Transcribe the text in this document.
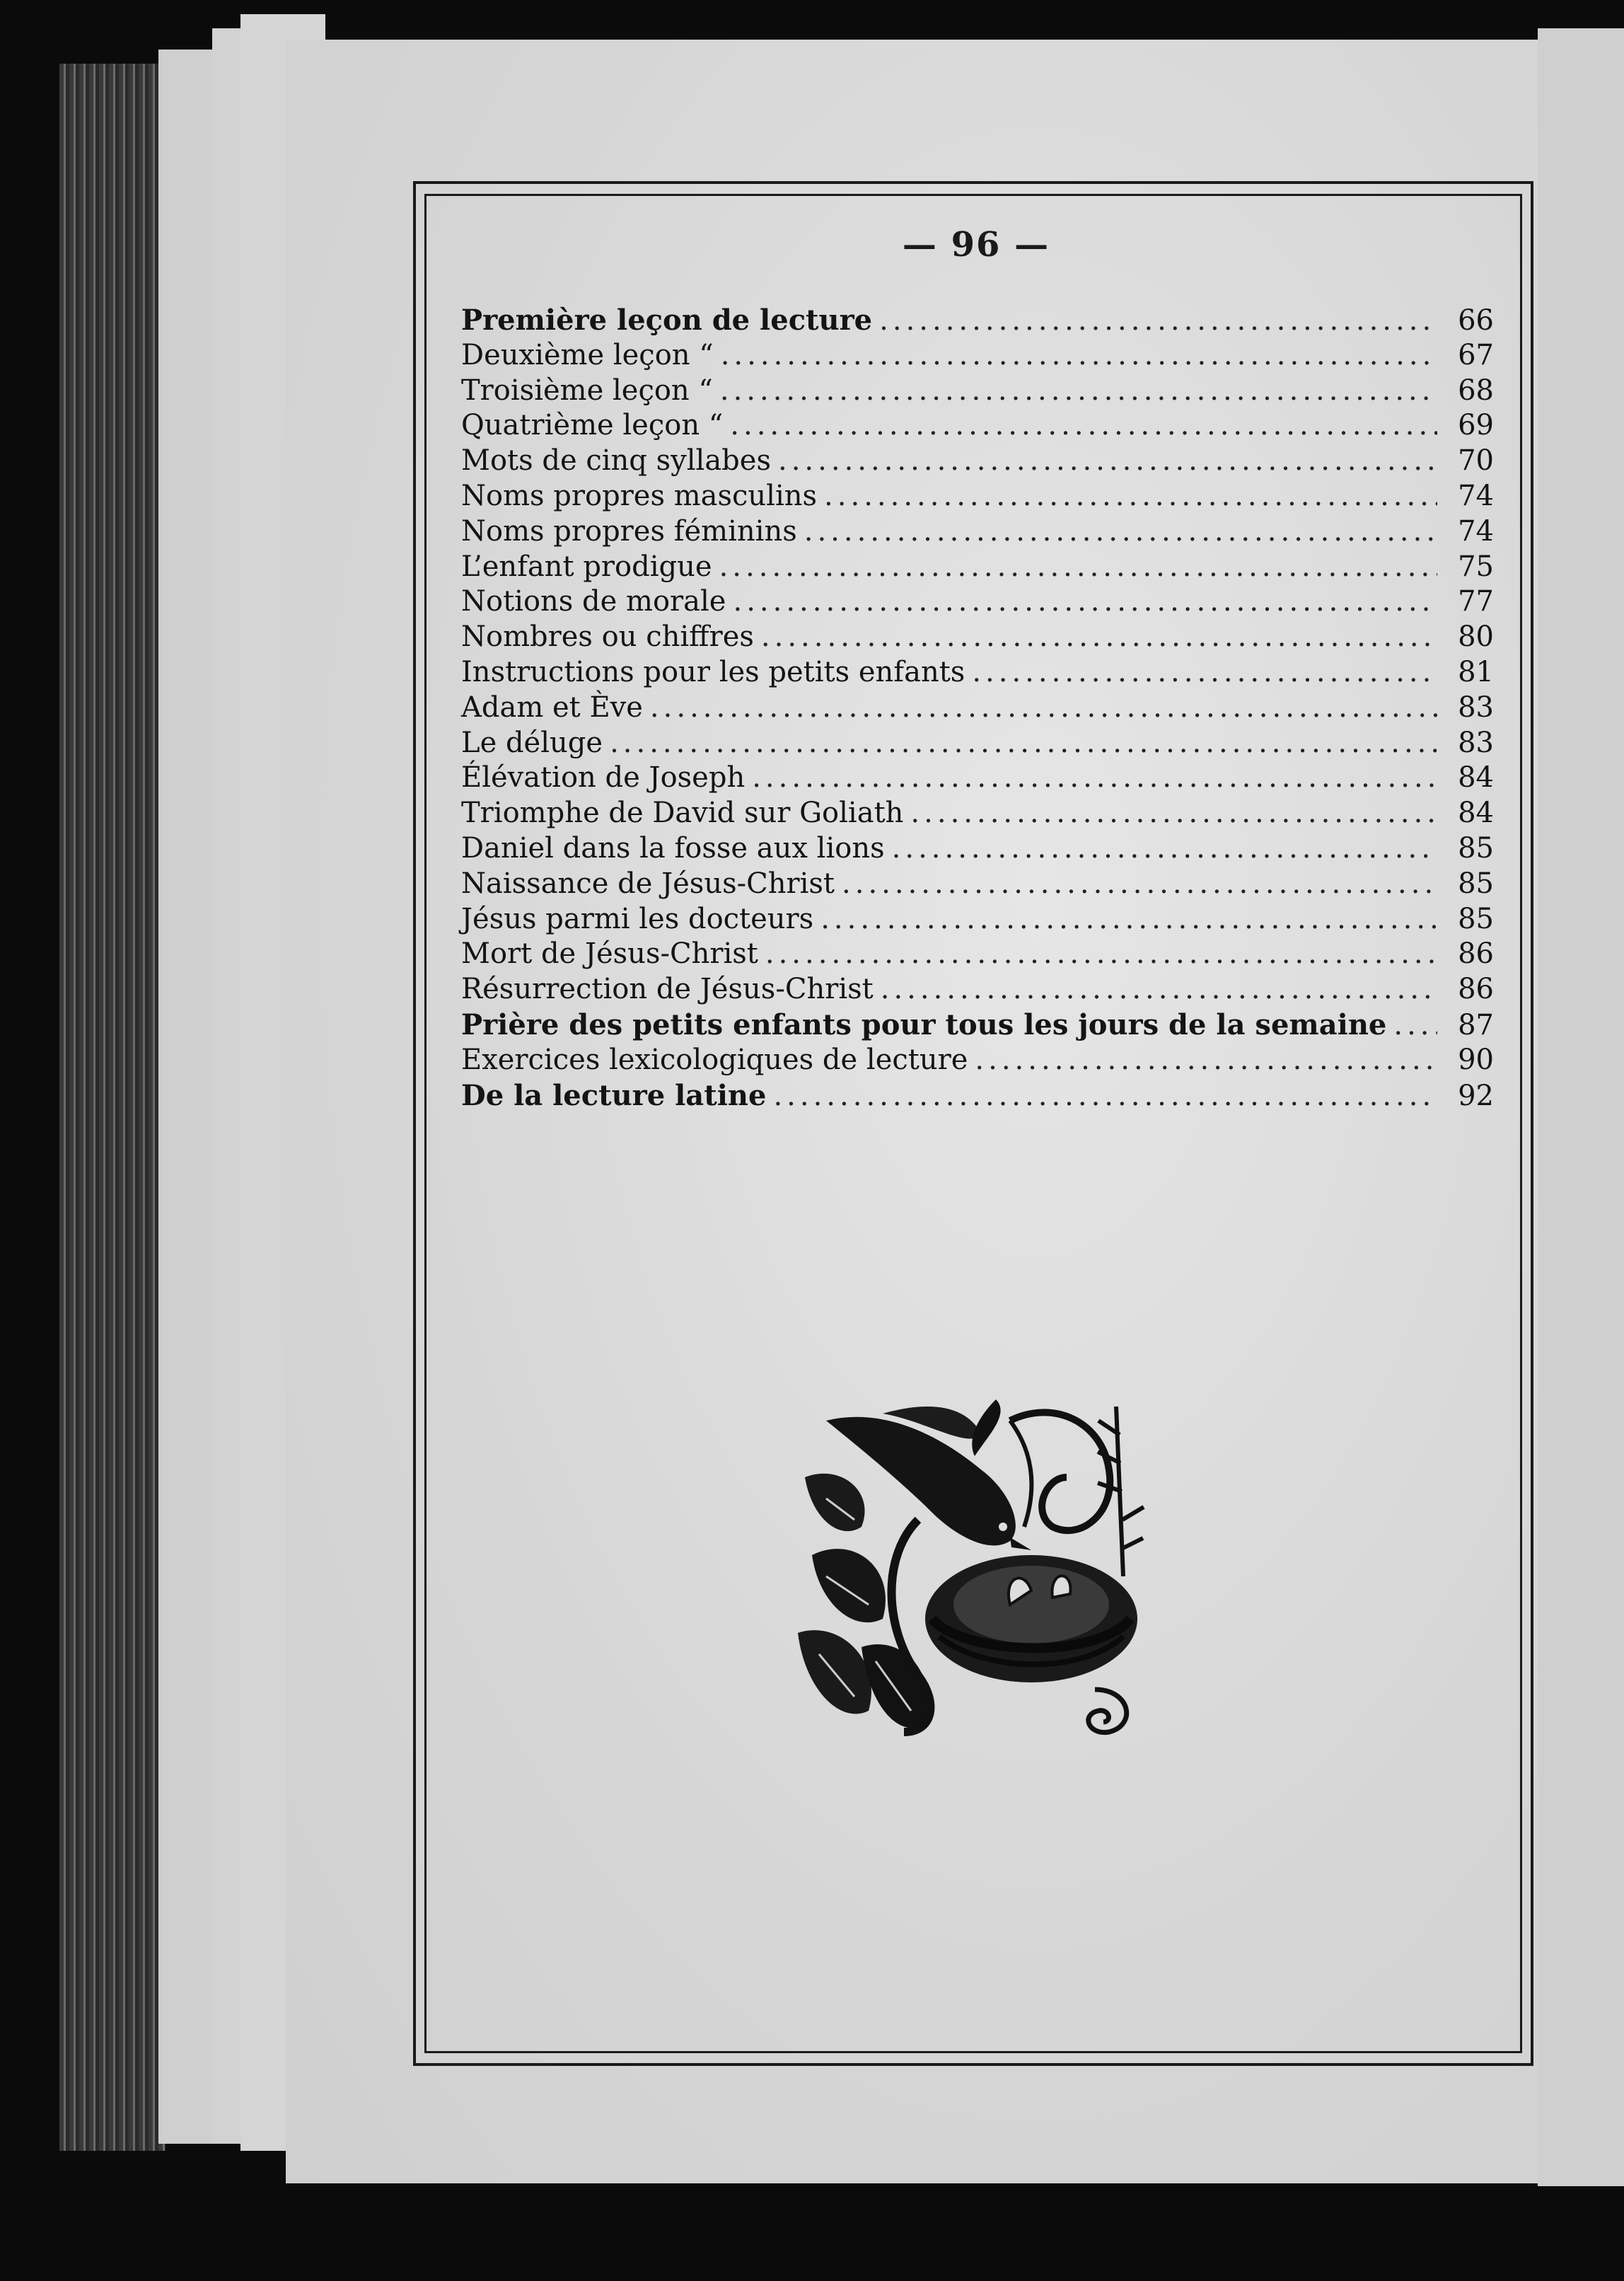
— 96 —
Première leçon de lecture .....	66
Deuxième leçon “ .....	67
Troisième leçon “ .....	68
Quatrième leçon “ .....	69
Mots de cinq syllabes .....	70
Noms propres masculins .....	74
Noms propres féminins .....	74
L’enfant prodigue .....	75
Notions de morale .....	77
Nombres ou chiffres .....	80
Instructions pour les petits enfants .....	81
Adam et Ève .....	83
Le déluge .....	83
Élévation de Joseph .....	84
Triomphe de David sur Goliath .....	84
Daniel dans la fosse aux lions .....	85
Naissance de Jésus-Christ .....	85
Jésus parmi les docteurs .....	85
Mort de Jésus-Christ .....	86
Résurrection de Jésus-Christ .....	86
Prière des petits enfants pour tous les jours de la semaine .....	87
Exercices lexicologiques de lecture .....	90
De la lecture latine .....	92
